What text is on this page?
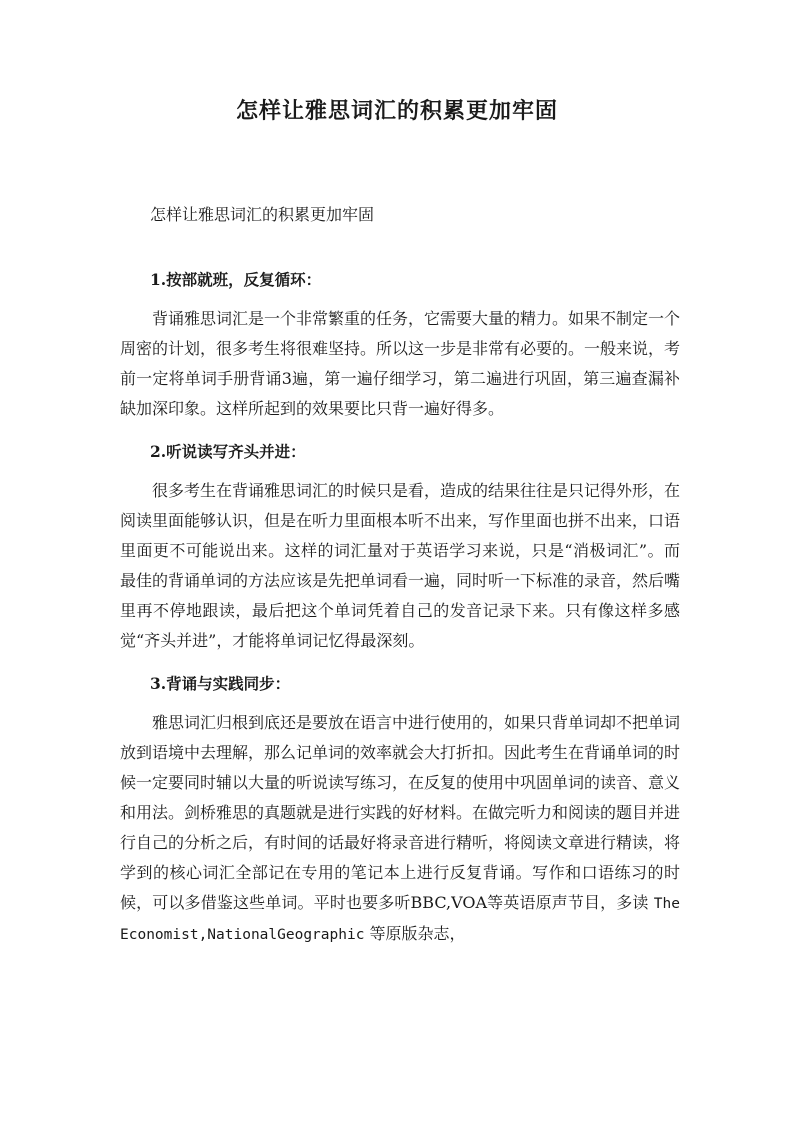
怎样让雅思词汇的积累更加牢固

怎样让雅思词汇的积累更加牢固

1.按部就班，反复循环：

背诵雅思词汇是一个非常繁重的任务，它需要大量的精力。如果不制定一个周密的计划，很多考生将很难坚持。所以这一步是非常有必要的。一般来说，考前一定将单词手册背诵3遍，第一遍仔细学习，第二遍进行巩固，第三遍查漏补缺加深印象。这样所起到的效果要比只背一遍好得多。

2.听说读写齐头并进：

很多考生在背诵雅思词汇的时候只是看，造成的结果往往是只记得外形，在阅读里面能够认识，但是在听力里面根本听不出来，写作里面也拼不出来，口语里面更不可能说出来。这样的词汇量对于英语学习来说，只是“消极词汇”。而最佳的背诵单词的方法应该是先把单词看一遍，同时听一下标准的录音，然后嘴里再不停地跟读，最后把这个单词凭着自己的发音记录下来。只有像这样多感觉“齐头并进”，才能将单词记忆得最深刻。

3.背诵与实践同步：

雅思词汇归根到底还是要放在语言中进行使用的，如果只背单词却不把单词放到语境中去理解，那么记单词的效率就会大打折扣。因此考生在背诵单词的时候一定要同时辅以大量的听说读写练习，在反复的使用中巩固单词的读音、意义和用法。剑桥雅思的真题就是进行实践的好材料。在做完听力和阅读的题目并进行自己的分析之后，有时间的话最好将录音进行精听，将阅读文章进行精读，将学到的核心词汇全部记在专用的笔记本上进行反复背诵。写作和口语练习的时候，可以多借鉴这些单词。平时也要多听BBC,VOA等英语原声节目，多读 TheEconomist,NationalGeographic 等原版杂志，
